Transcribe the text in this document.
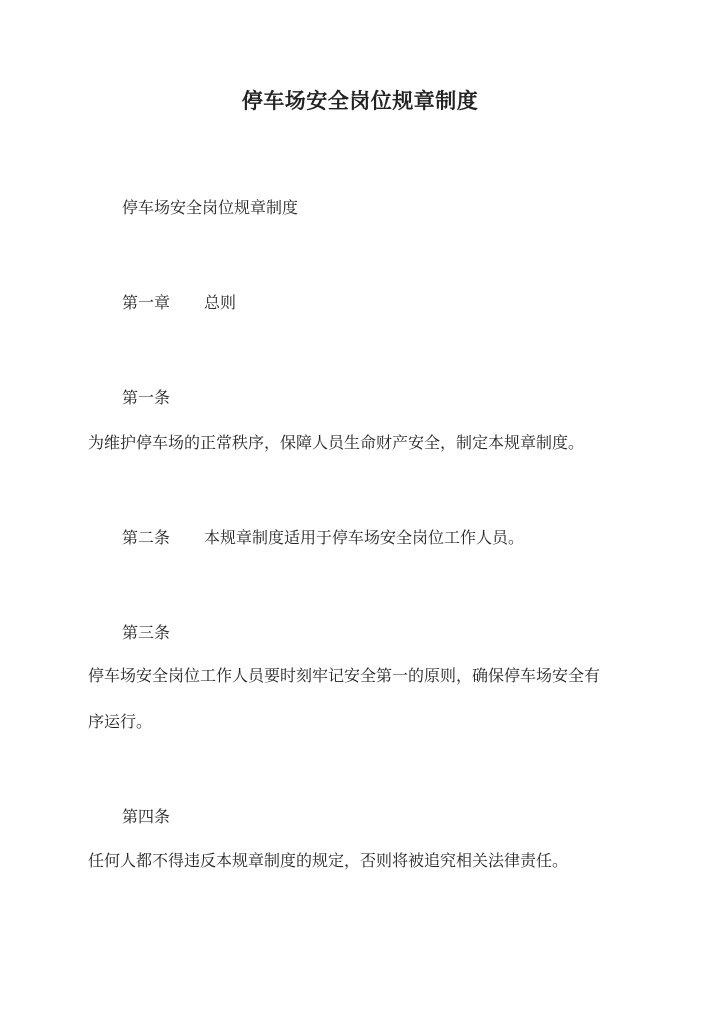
停车场安全岗位规章制度
停车场安全岗位规章制度
第一章 总则
第一条
为维护停车场的正常秩序，保障人员生命财产安全，制定本规章制度。
第二条 本规章制度适用于停车场安全岗位工作人员。
第三条
停车场安全岗位工作人员要时刻牢记安全第一的原则，确保停车场安全有
序运行。
第四条
任何人都不得违反本规章制度的规定，否则将被追究相关法律责任。
